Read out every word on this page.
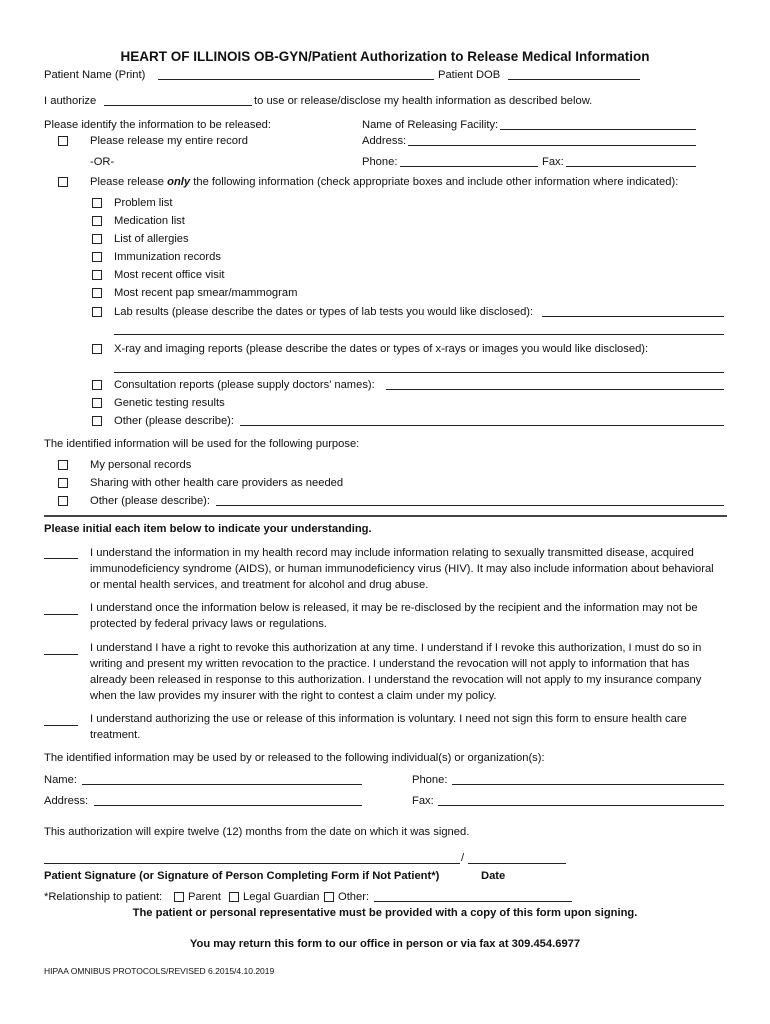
HEART OF ILLINOIS OB-GYN/Patient Authorization to Release Medical Information
Patient Name (Print)	Patient DOB
I authorize	to use or release/disclose my health information as described below.
Please identify the information to be released:	Name of Releasing Facility:
Please release my entire record	Address:
-OR-	Phone:	Fax:
Please release only the following information (check appropriate boxes and include other information where indicated):
Problem list
Medication list
List of allergies
Immunization records
Most recent office visit
Most recent pap smear/mammogram
Lab results (please describe the dates or types of lab tests you would like disclosed):
X-ray and imaging reports (please describe the dates or types of x-rays or images you would like disclosed):
Consultation reports (please supply doctors’ names):
Genetic testing results
Other (please describe):
The identified information will be used for the following purpose:
My personal records
Sharing with other health care providers as needed
Other (please describe):
Please initial each item below to indicate your understanding.
I understand the information in my health record may include information relating to sexually transmitted disease, acquired immunodeficiency syndrome (AIDS), or human immunodeficiency virus (HIV). It may also include information about behavioral or mental health services, and treatment for alcohol and drug abuse.
I understand once the information below is released, it may be re-disclosed by the recipient and the information may not be protected by federal privacy laws or regulations.
I understand I have a right to revoke this authorization at any time. I understand if I revoke this authorization, I must do so in writing and present my written revocation to the practice. I understand the revocation will not apply to information that has already been released in response to this authorization. I understand the revocation will not apply to my insurance company when the law provides my insurer with the right to contest a claim under my policy.
I understand authorizing the use or release of this information is voluntary. I need not sign this form to ensure health care treatment.
The identified information may be used by or released to the following individual(s) or organization(s):
Name:	Phone:
Address:	Fax:
This authorization will expire twelve (12) months from the date on which it was signed.
/
Patient Signature (or Signature of Person Completing Form if Not Patient*)	Date
*Relationship to patient: Parent Legal Guardian Other:
The patient or personal representative must be provided with a copy of this form upon signing.
You may return this form to our office in person or via fax at 309.454.6977
HIPAA OMNIBUS PROTOCOLS/REVISED 6.2015/4.10.2019
